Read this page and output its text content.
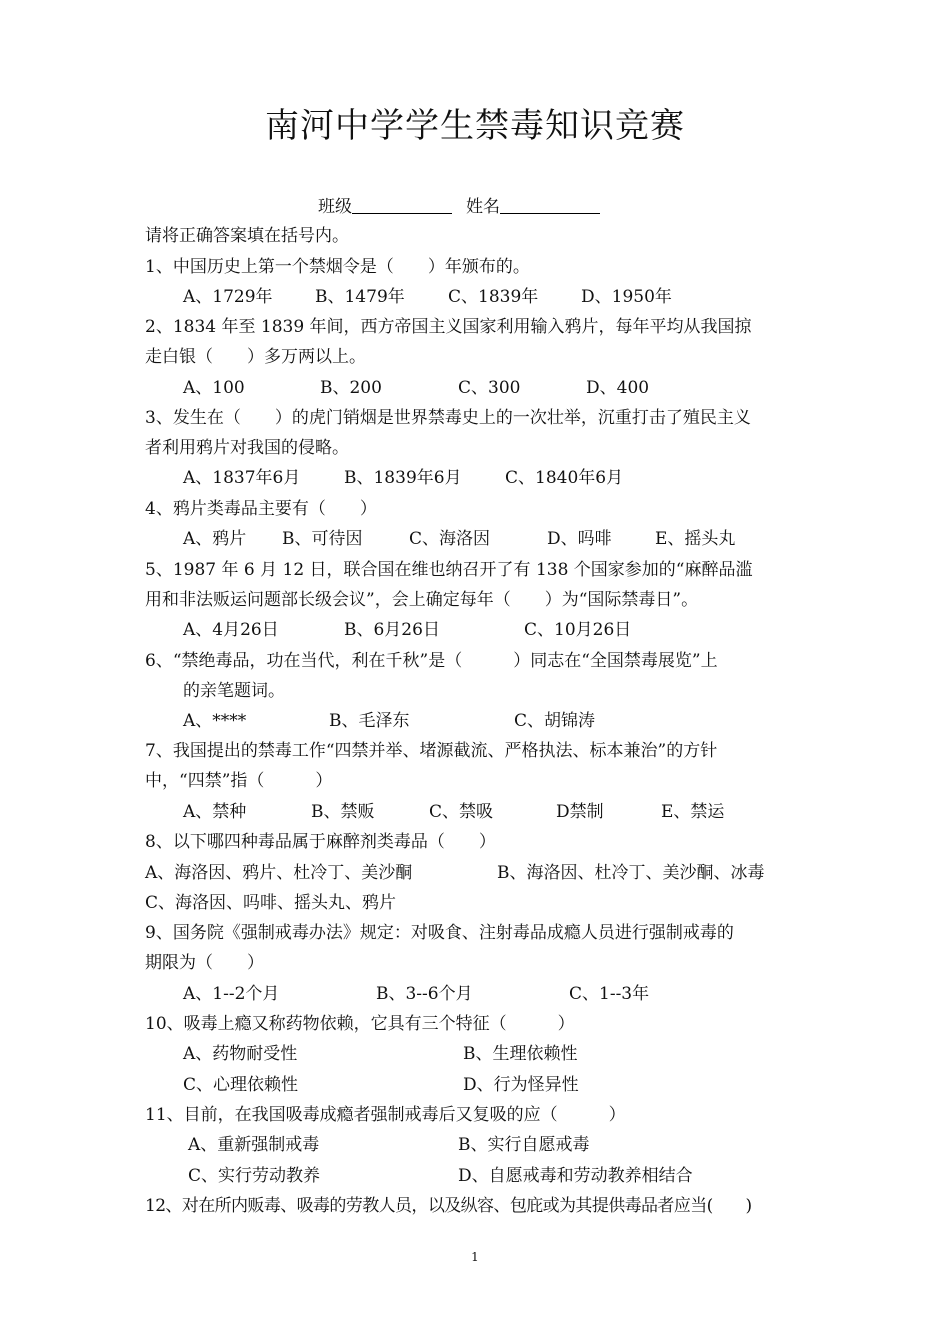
南河中学学生禁毒知识竞赛
班级	姓名
请将正确答案填在括号内。
1、中国历史上第一个禁烟令是（　　）年颁布的。
A、1729年 B、1479年	C、1839年	D、1950年
2、1834 年至 1839 年间，西方帝国主义国家利用输入鸦片，每年平均从我国掠
走白银（　　）多万两以上。
A、100	B、200	C、300	D、400
3、发生在（　　）的虎门销烟是世界禁毒史上的一次壮举，沉重打击了殖民主义
者利用鸦片对我国的侵略。
A、1837年6月	B、1839年6月	C、1840年6月
4、鸦片类毒品主要有（　　）
A、鸦片 B、可待因	C、海洛因	D、吗啡	E、摇头丸
5、1987 年 6 月 12 日，联合国在维也纳召开了有 138 个国家参加的“麻醉品滥
用和非法贩运问题部长级会议”，会上确定每年（　　）为“国际禁毒日”。
A、4月26日	B、6月26日	C、10月26日
6、“禁绝毒品，功在当代，利在千秋”是（　　　）同志在“全国禁毒展览”上
的亲笔题词。
A、****	B、毛泽东	C、胡锦涛
7、我国提出的禁毒工作“四禁并举、堵源截流、严格执法、标本兼治”的方针
中，“四禁”指（　　　）
A、禁种	B、禁贩	C、禁吸	D禁制	E、禁运
8、以下哪四种毒品属于麻醉剂类毒品（　　）
A、海洛因、鸦片、杜冷丁、美沙酮	B、海洛因、杜冷丁、美沙酮、冰毒
C、海洛因、吗啡、摇头丸、鸦片
9、国务院《强制戒毒办法》规定：对吸食、注射毒品成瘾人员进行强制戒毒的
期限为（　　）
A、1--2个月	B、3--6个月	C、1--3年
10、吸毒上瘾又称药物依赖，它具有三个特征（　　　）
A、药物耐受性	B、生理依赖性
C、心理依赖性	D、行为怪异性
11、目前，在我国吸毒成瘾者强制戒毒后又复吸的应（　　　）
A、重新强制戒毒	B、实行自愿戒毒
C、实行劳动教养	D、自愿戒毒和劳动教养相结合
12、对在所内贩毒、吸毒的劳教人员，以及纵容、包庇或为其提供毒品者应当(　　)
1
